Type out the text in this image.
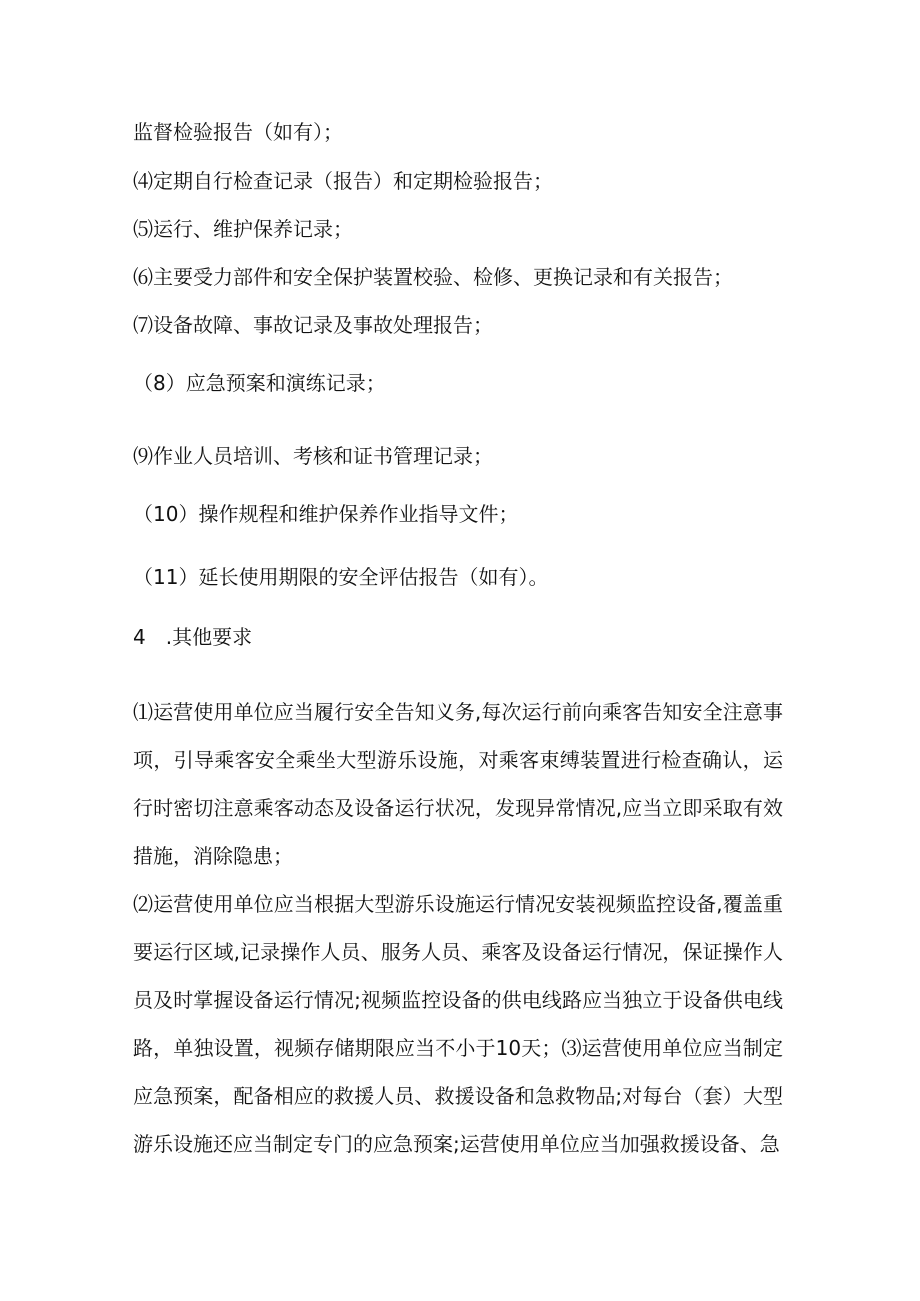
监督检验报告（如有）；
⑷定期自行检查记录（报告）和定期检验报告；
⑸运行、维护保养记录；
⑹主要受力部件和安全保护装置校验、检修、更换记录和有关报告；
⑺设备故障、事故记录及事故处理报告；
（8）应急预案和演练记录；
⑼作业人员培训、考核和证书管理记录；
（10）操作规程和维护保养作业指导文件；
（11）延长使用期限的安全评估报告（如有）。
4　.其他要求
⑴运营使用单位应当履行安全告知义务,每次运行前向乘客告知安全注意事项，引导乘客安全乘坐大型游乐设施，对乘客束缚装置进行检查确认，运行时密切注意乘客动态及设备运行状况，发现异常情况,应当立即采取有效措施，消除隐患；
⑵运营使用单位应当根据大型游乐设施运行情况安装视频监控设备,覆盖重要运行区域,记录操作人员、服务人员、乘客及设备运行情况，保证操作人员及时掌握设备运行情况;视频监控设备的供电线路应当独立于设备供电线路，单独设置，视频存储期限应当不小于10天；⑶运营使用单位应当制定应急预案，配备相应的救援人员、救援设备和急救物品;对每台（套）大型游乐设施还应当制定专门的应急预案;运营使用单位应当加强救援设备、急
